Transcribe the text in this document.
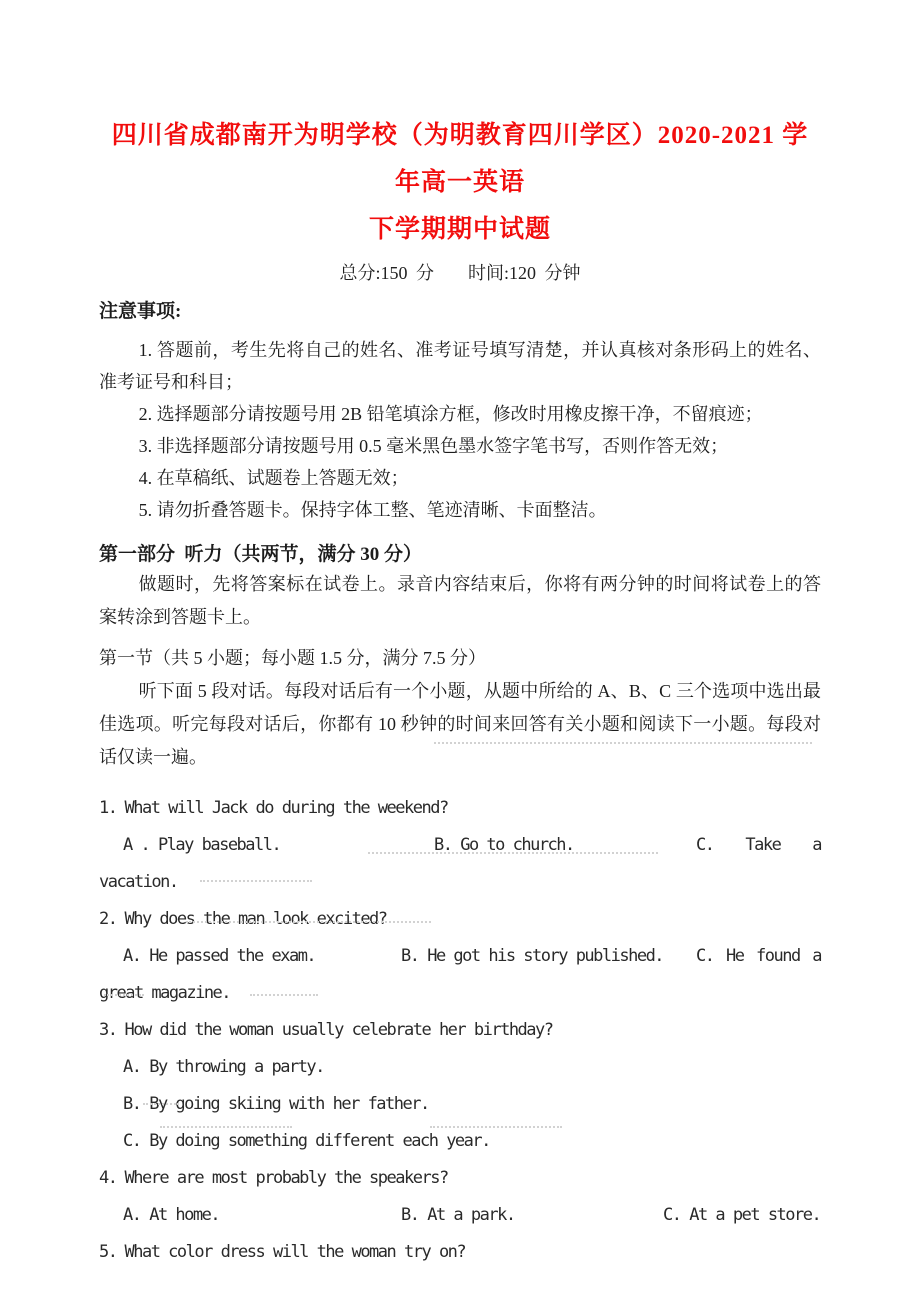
四川省成都南开为明学校（为明教育四川学区）2020-2021 学年高一英语
下学期期中试题
总分:150 分    时间:120 分钟
注意事项:
1. 答题前，考生先将自己的姓名、准考证号填写清楚，并认真核对条形码上的姓名、准考证号和科目；
2. 选择题部分请按题号用 2B 铅笔填涂方框，修改时用橡皮擦干净，不留痕迹；
3. 非选择题部分请按题号用 0.5 毫米黑色墨水签字笔书写，否则作答无效；
4. 在草稿纸、试题卷上答题无效；
5. 请勿折叠答题卡。保持字体工整、笔迹清晰、卡面整洁。
第一部分  听力（共两节，满分 30 分）
做题时，先将答案标在试卷上。录音内容结束后，你将有两分钟的时间将试卷上的答案转涂到答题卡上。
第一节（共 5 小题；每小题 1.5 分，满分 7.5 分）
听下面 5 段对话。每段对话后有一个小题，从题中所给的 A、B、C 三个选项中选出最佳选项。听完每段对话后，你都有 10 秒钟的时间来回答有关小题和阅读下一小题。每段对话仅读一遍。
1. What will Jack do during the weekend?
A . Play baseball.	B. Go to church.	C. Take a
vacation.
2. Why does the man look excited?
A. He passed the exam.	B. He got his story published.	C. He found a
great magazine.
3. How did the woman usually celebrate her birthday?
A. By throwing a party.
B. By going skiing with her father.
C. By doing something different each year.
4. Where are most probably the speakers?
A. At home.	B. At a park.	C. At a pet store.
5. What color dress will the woman try on?
